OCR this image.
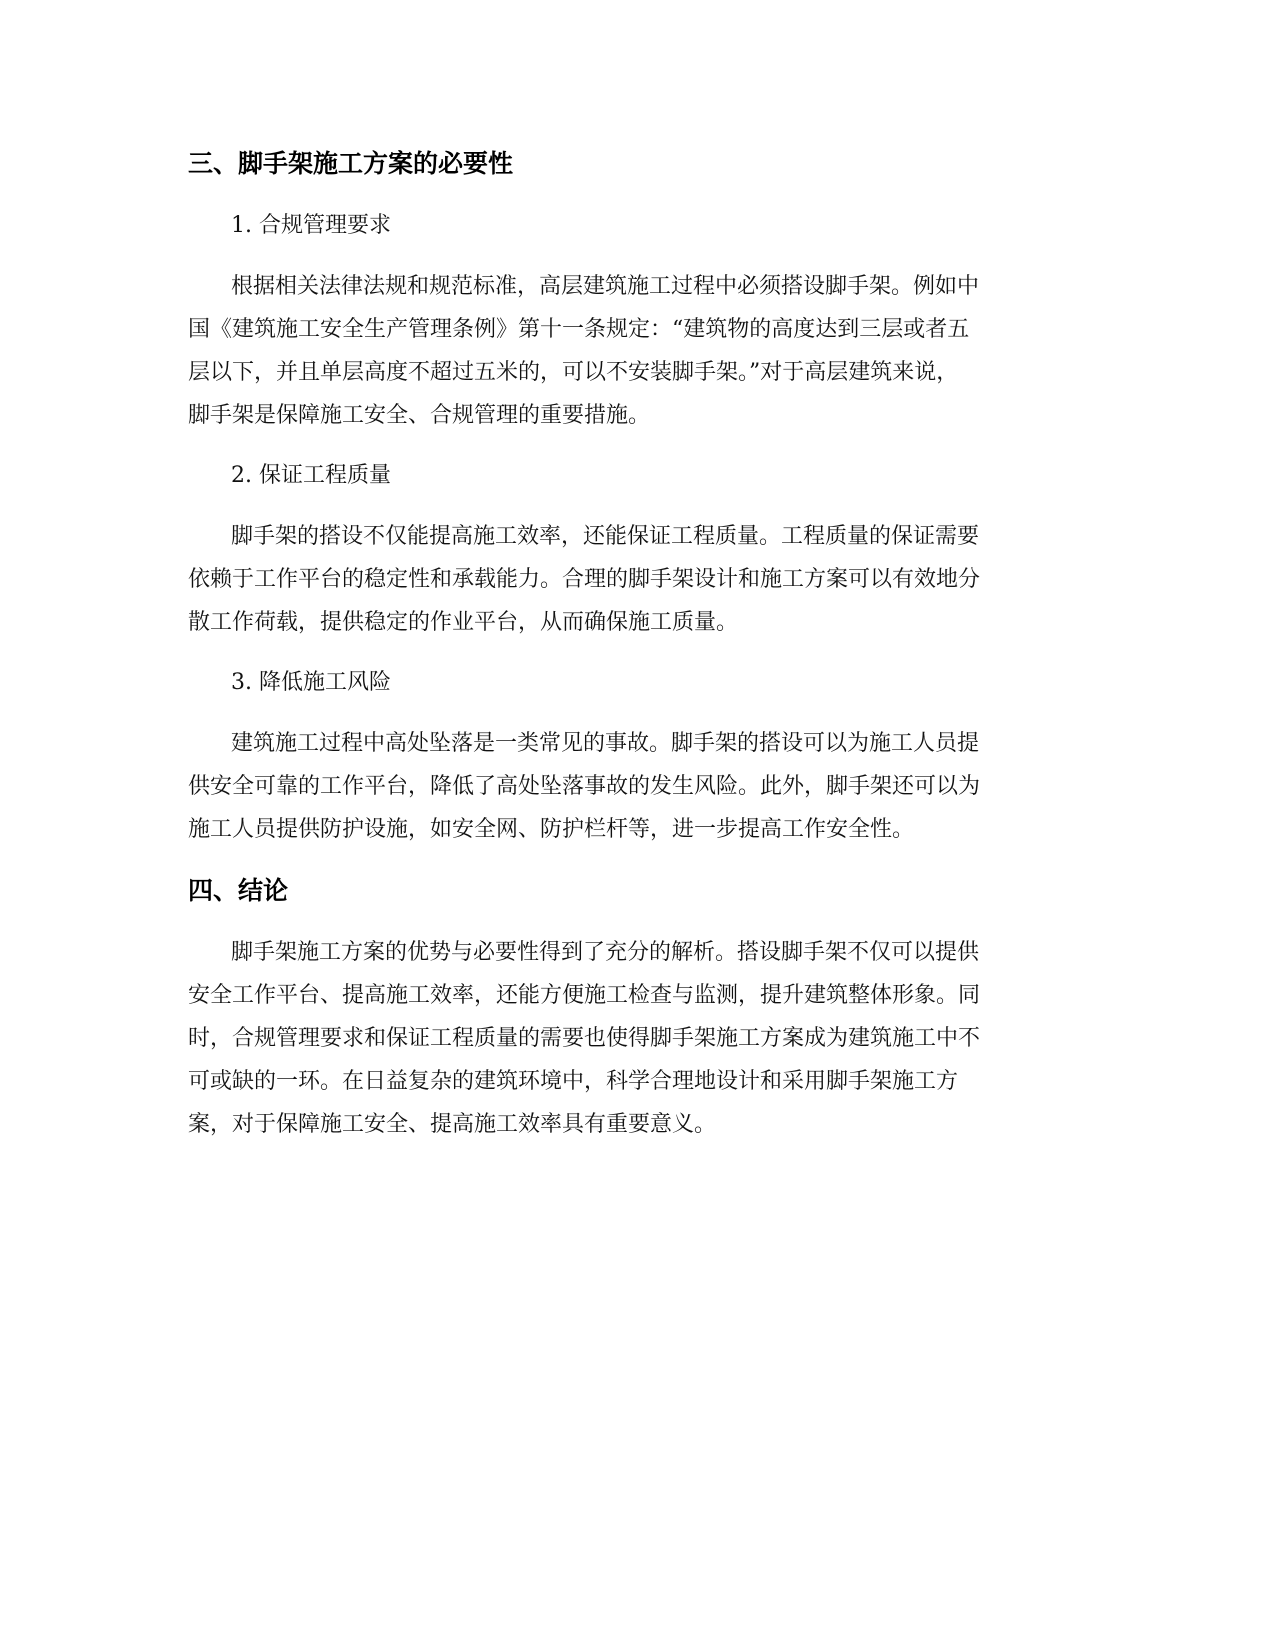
三、脚手架施工方案的必要性
1. 合规管理要求

根据相关法律法规和规范标准，高层建筑施工过程中必须搭设脚手架。例如中
国《建筑施工安全生产管理条例》第十一条规定：“建筑物的高度达到三层或者五
层以下，并且单层高度不超过五米的，可以不安装脚手架。”对于高层建筑来说，
脚手架是保障施工安全、合规管理的重要措施。

2. 保证工程质量

脚手架的搭设不仅能提高施工效率，还能保证工程质量。工程质量的保证需要
依赖于工作平台的稳定性和承载能力。合理的脚手架设计和施工方案可以有效地分
散工作荷载，提供稳定的作业平台，从而确保施工质量。

3. 降低施工风险

建筑施工过程中高处坠落是一类常见的事故。脚手架的搭设可以为施工人员提
供安全可靠的工作平台，降低了高处坠落事故的发生风险。此外，脚手架还可以为
施工人员提供防护设施，如安全网、防护栏杆等，进一步提高工作安全性。

四、结论

脚手架施工方案的优势与必要性得到了充分的解析。搭设脚手架不仅可以提供
安全工作平台、提高施工效率，还能方便施工检查与监测，提升建筑整体形象。同
时，合规管理要求和保证工程质量的需要也使得脚手架施工方案成为建筑施工中不
可或缺的一环。在日益复杂的建筑环境中，科学合理地设计和采用脚手架施工方
案，对于保障施工安全、提高施工效率具有重要意义。
